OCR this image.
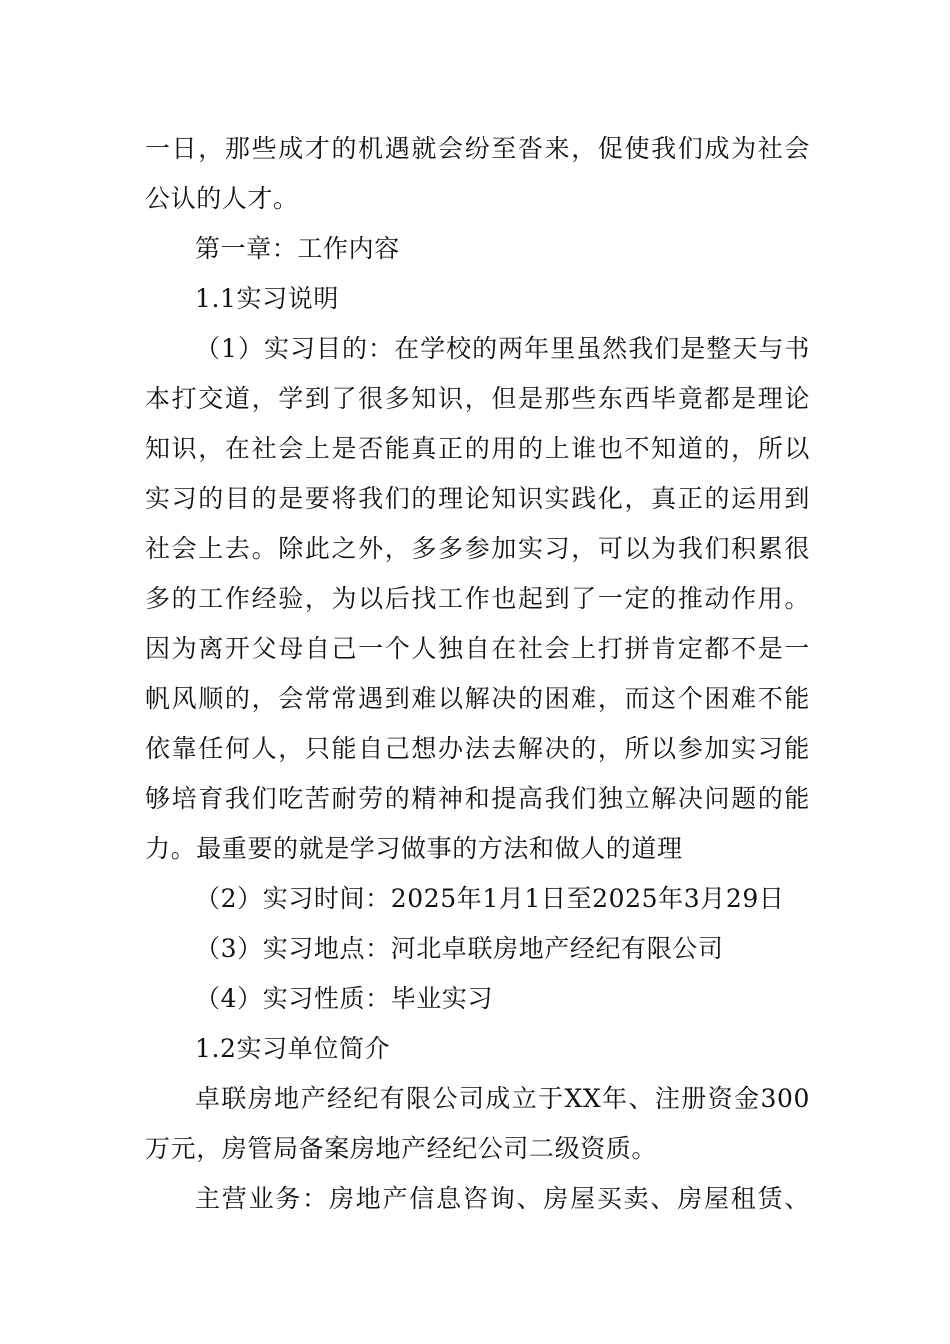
一日，那些成才的机遇就会纷至沓来，促使我们成为社会
公认的人才。
第一章：工作内容
1.1实习说明
（1）实习目的：在学校的两年里虽然我们是整天与书
本打交道，学到了很多知识，但是那些东西毕竟都是理论
知识，在社会上是否能真正的用的上谁也不知道的，所以
实习的目的是要将我们的理论知识实践化，真正的运用到
社会上去。除此之外，多多参加实习，可以为我们积累很
多的工作经验，为以后找工作也起到了一定的推动作用。
因为离开父母自己一个人独自在社会上打拼肯定都不是一
帆风顺的，会常常遇到难以解决的困难，而这个困难不能
依靠任何人，只能自己想办法去解决的，所以参加实习能
够培育我们吃苦耐劳的精神和提高我们独立解决问题的能
力。最重要的就是学习做事的方法和做人的道理
（2）实习时间：2025年1月1日至2025年3月29日
（3）实习地点：河北卓联房地产经纪有限公司
（4）实习性质：毕业实习
1.2实习单位简介
卓联房地产经纪有限公司成立于XX年、注册资金300
万元，房管局备案房地产经纪公司二级资质。
主营业务：房地产信息咨询、房屋买卖、房屋租赁、
